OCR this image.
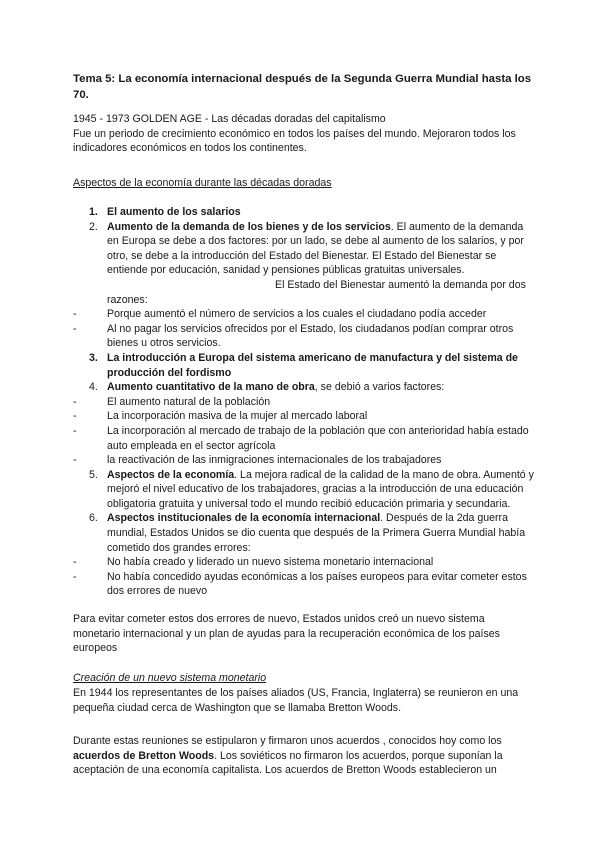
Tema 5: La economía internacional después de la Segunda Guerra Mundial hasta los 70.
1945 - 1973 GOLDEN AGE - Las décadas doradas del capitalismo
Fue un periodo de crecimiento económico en todos los países del mundo. Mejoraron todos los indicadores económicos en todos los continentes.
Aspectos de la economía durante las décadas doradas
1. El aumento de los salarios
2. Aumento de la demanda de los bienes y de los servicios. El aumento de la demanda en Europa se debe a dos factores: por un lado, se debe al aumento de los salarios, y por otro, se debe a la introducción del Estado del Bienestar. El Estado del Bienestar se entiende por educación, sanidad y pensiones públicas gratuitas universales.El Estado del Bienestar aumentó la demanda por dos razones:
-	Porque aumentó el número de servicios a los cuales el ciudadano podía acceder
-	Al no pagar los servicios ofrecidos por el Estado, los ciudadanos podían comprar otros bienes u otros servicios.
3. La introducción a Europa del sistema americano de manufactura y del sistema de producción del fordismo
4. Aumento cuantitativo de la mano de obra, se debió a varios factores:
-	El aumento natural de la población
-	La incorporación masiva de la mujer al mercado laboral
-	La incorporación al mercado de trabajo de la población que con anterioridad había estado auto empleada en el sector agrícola
-	la reactivación de las inmigraciones internacionales de los trabajadores
5. Aspectos de la economía. La mejora radical de la calidad de la mano de obra. Aumentó y mejoró el nivel educativo de los trabajadores, gracias a la introducción de una educación obligatoria gratuita y universal todo el mundo recibió educación primaria y secundaria.
6. Aspectos institucionales de la economía internacional. Después de la 2da guerra mundial, Estados Unidos se dio cuenta que después de la Primera Guerra Mundial había cometido dos grandes errores:
-	No había creado y liderado un nuevo sistema monetario internacional
-	No había concedido ayudas económicas a los países europeos para evitar cometer estos dos errores de nuevo
Para evitar cometer estos dos errores de nuevo, Estados unidos creó un nuevo sistema monetario internacional y un plan de ayudas para la recuperación económica de los países europeos
Creación de un nuevo sistema monetario
En 1944 los representantes de los países aliados (US, Francia, Inglaterra) se reunieron en una pequeña ciudad cerca de Washington que se llamaba Bretton Woods.
Durante estas reuniones se estipularon y firmaron unos acuerdos , conocidos hoy como los acuerdos de Bretton Woods. Los soviéticos no firmaron los acuerdos, porque suponían la aceptación de una economía capitalista. Los acuerdos de Bretton Woods establecieron un
